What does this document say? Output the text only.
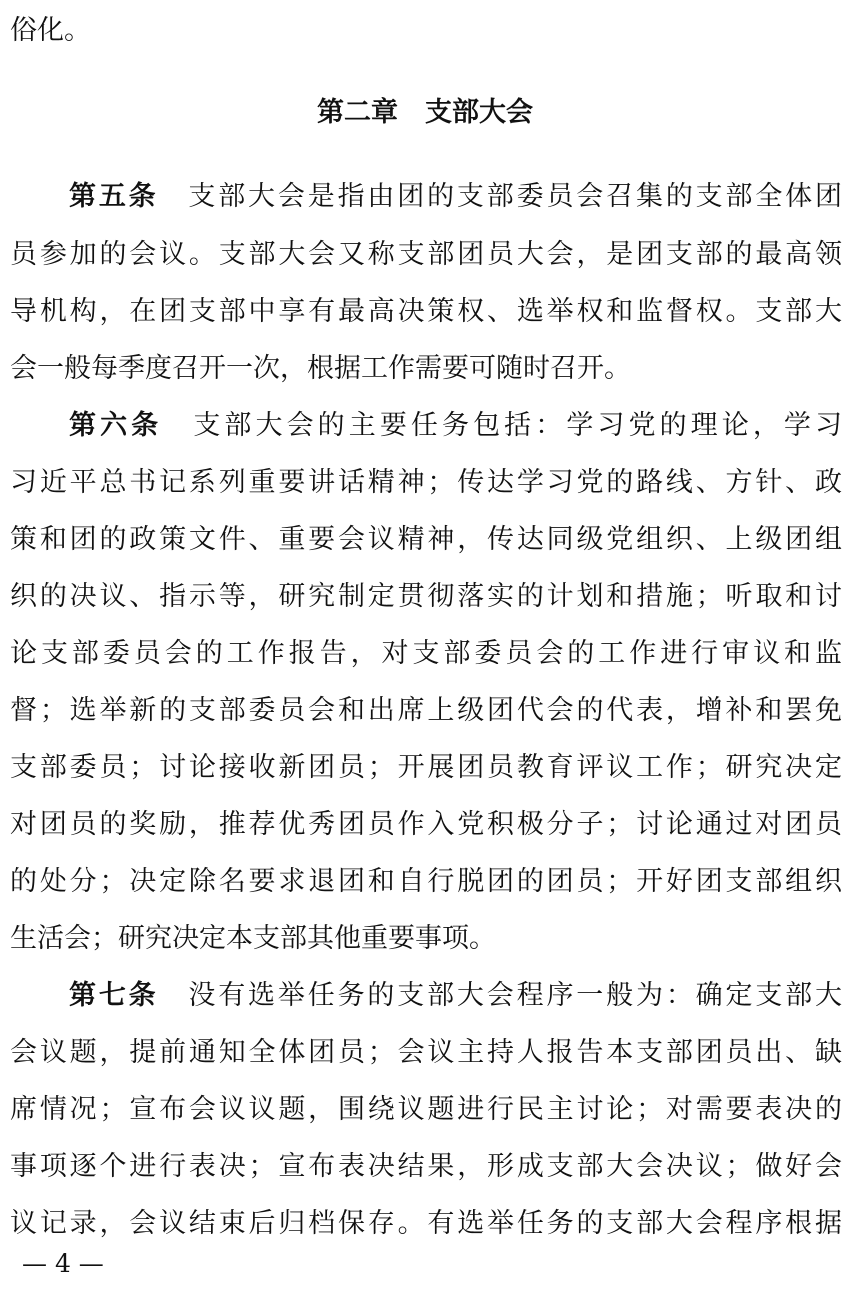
俗化。
第二章　支部大会
第五条　 支部大会是指由团的支部委员会召集的支部全体团
员参加的会议。支部大会又称支部团员大会，是团支部的最高领
导机构，在团支部中享有最高决策权、选举权和监督权。支部大
会一般每季度召开一次，根据工作需要可随时召开。
第六条　 支部大会的主要任务包括：学习党的理论，学习
习近平总书记系列重要讲话精神；传达学习党的路线、方针、政
策和团的政策文件、重要会议精神，传达同级党组织、上级团组
织的决议、指示等，研究制定贯彻落实的计划和措施；听取和讨
论支部委员会的工作报告，对支部委员会的工作进行审议和监
督；选举新的支部委员会和出席上级团代会的代表，增补和罢免
支部委员；讨论接收新团员；开展团员教育评议工作；研究决定
对团员的奖励，推荐优秀团员作入党积极分子；讨论通过对团员
的处分；决定除名要求退团和自行脱团的团员；开好团支部组织
生活会；研究决定本支部其他重要事项。
第七条　 没有选举任务的支部大会程序一般为：确定支部大
会议题，提前通知全体团员；会议主持人报告本支部团员出、缺
席情况；宣布会议议题，围绕议题进行民主讨论；对需要表决的
事项逐个进行表决；宣布表决结果，形成支部大会决议；做好会
议记录，会议结束后归档保存。有选举任务的支部大会程序根据
— 4 —
